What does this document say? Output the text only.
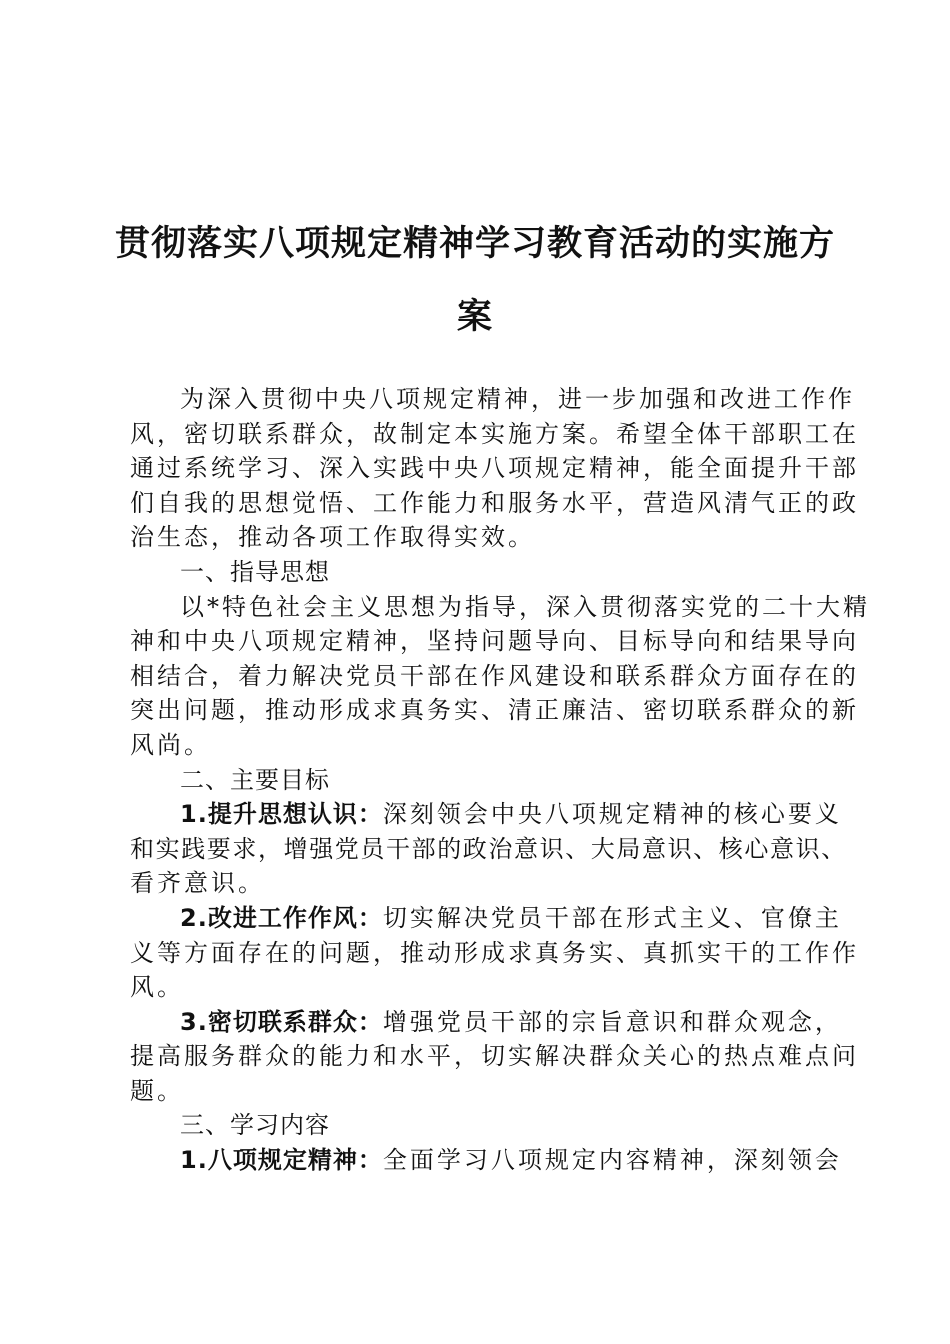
贯彻落实八项规定精神学习教育活动的实施方
案
为深入贯彻中央八项规定精神，进一步加强和改进工作作
风，密切联系群众，故制定本实施方案。希望全体干部职工在
通过系统学习、深入实践中央八项规定精神，能全面提升干部
们自我的思想觉悟、工作能力和服务水平，营造风清气正的政
治生态，推动各项工作取得实效。
一、指导思想
以*特色社会主义思想为指导，深入贯彻落实党的二十大精
神和中央八项规定精神，坚持问题导向、目标导向和结果导向
相结合，着力解决党员干部在作风建设和联系群众方面存在的
突出问题，推动形成求真务实、清正廉洁、密切联系群众的新
风尚。
二、主要目标
1.提升思想认识：深刻领会中央八项规定精神的核心要义
和实践要求，增强党员干部的政治意识、大局意识、核心意识、
看齐意识。
2.改进工作作风：切实解决党员干部在形式主义、官僚主
义等方面存在的问题，推动形成求真务实、真抓实干的工作作
风。
3.密切联系群众：增强党员干部的宗旨意识和群众观念，
提高服务群众的能力和水平，切实解决群众关心的热点难点问
题。
三、学习内容
1.八项规定精神：全面学习八项规定内容精神，深刻领会
